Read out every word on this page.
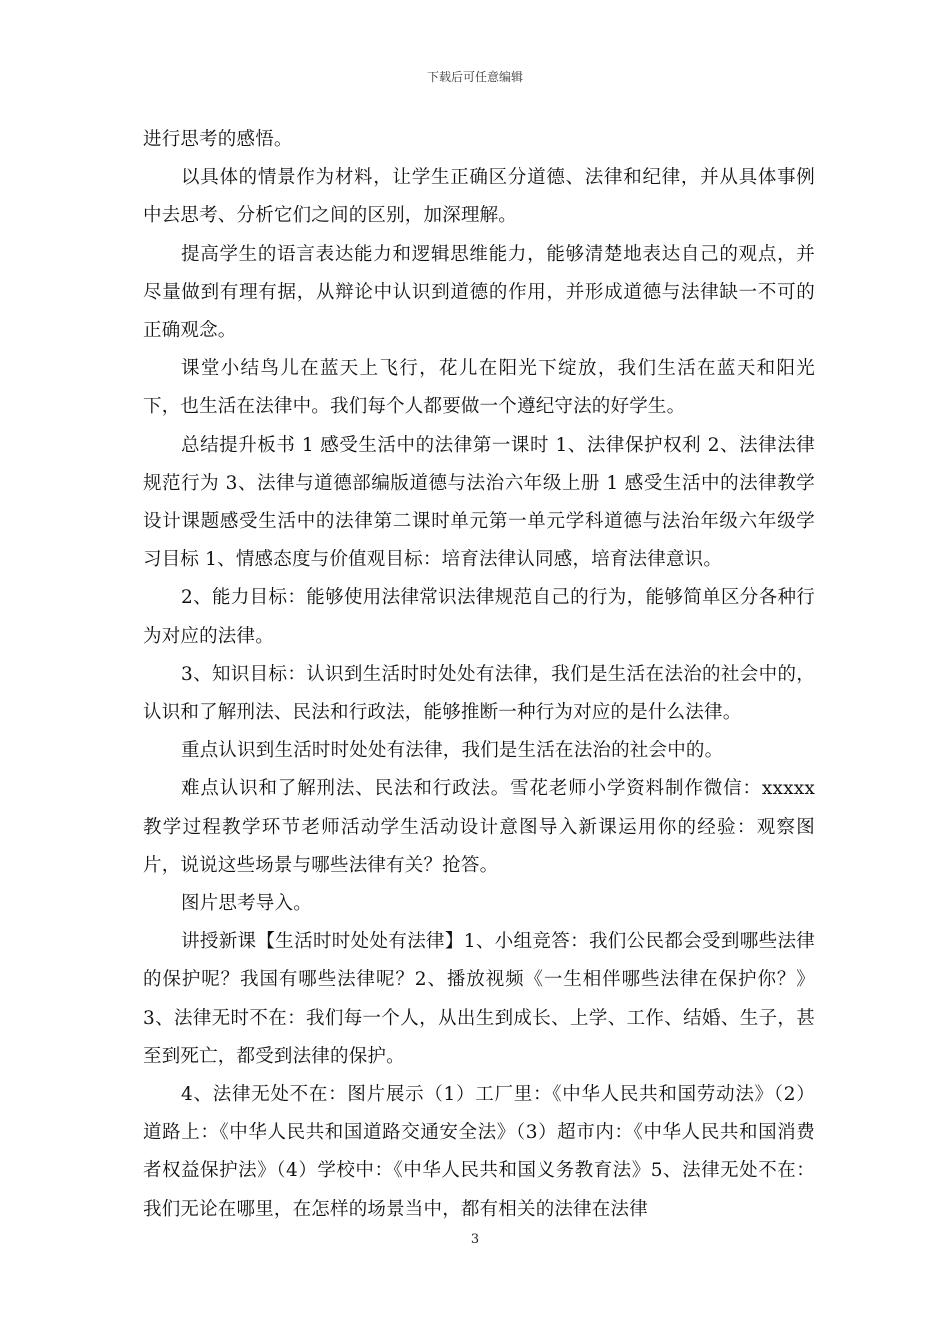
下载后可任意编辑

进行思考的感悟。

以具体的情景作为材料，让学生正确区分道德、法律和纪律，并从具体事例中去思考、分析它们之间的区别，加深理解。

提高学生的语言表达能力和逻辑思维能力，能够清楚地表达自己的观点，并尽量做到有理有据，从辩论中认识到道德的作用，并形成道德与法律缺一不可的正确观念。

课堂小结鸟儿在蓝天上飞行，花儿在阳光下绽放，我们生活在蓝天和阳光下，也生活在法律中。我们每个人都要做一个遵纪守法的好学生。

总结提升板书 1 感受生活中的法律第一课时 1、法律保护权利 2、法律法律规范行为 3、法律与道德部编版道德与法治六年级上册 1 感受生活中的法律教学设计课题感受生活中的法律第二课时单元第一单元学科道德与法治年级六年级学习目标 1、情感态度与价值观目标：培育法律认同感，培育法律意识。

2、能力目标：能够使用法律常识法律规范自己的行为，能够简单区分各种行为对应的法律。

3、知识目标：认识到生活时时处处有法律，我们是生活在法治的社会中的，认识和了解刑法、民法和行政法，能够推断一种行为对应的是什么法律。

重点认识到生活时时处处有法律，我们是生活在法治的社会中的。

难点认识和了解刑法、民法和行政法。雪花老师小学资料制作微信：xxxxx 教学过程教学环节老师活动学生活动设计意图导入新课运用你的经验：观察图片，说说这些场景与哪些法律有关？抢答。

图片思考导入。

讲授新课【生活时时处处有法律】1、小组竞答：我们公民都会受到哪些法律的保护呢？我国有哪些法律呢？2、播放视频《一生相伴哪些法律在保护你？》3、法律无时不在：我们每一个人，从出生到成长、上学、工作、结婚、生子，甚至到死亡，都受到法律的保护。

4、法律无处不在：图片展示（1）工厂里：《中华人民共和国劳动法》（2）道路上：《中华人民共和国道路交通安全法》（3）超市内：《中华人民共和国消费者权益保护法》（4）学校中：《中华人民共和国义务教育法》5、法律无处不在：我们无论在哪里，在怎样的场景当中，都有相关的法律在法律

3
